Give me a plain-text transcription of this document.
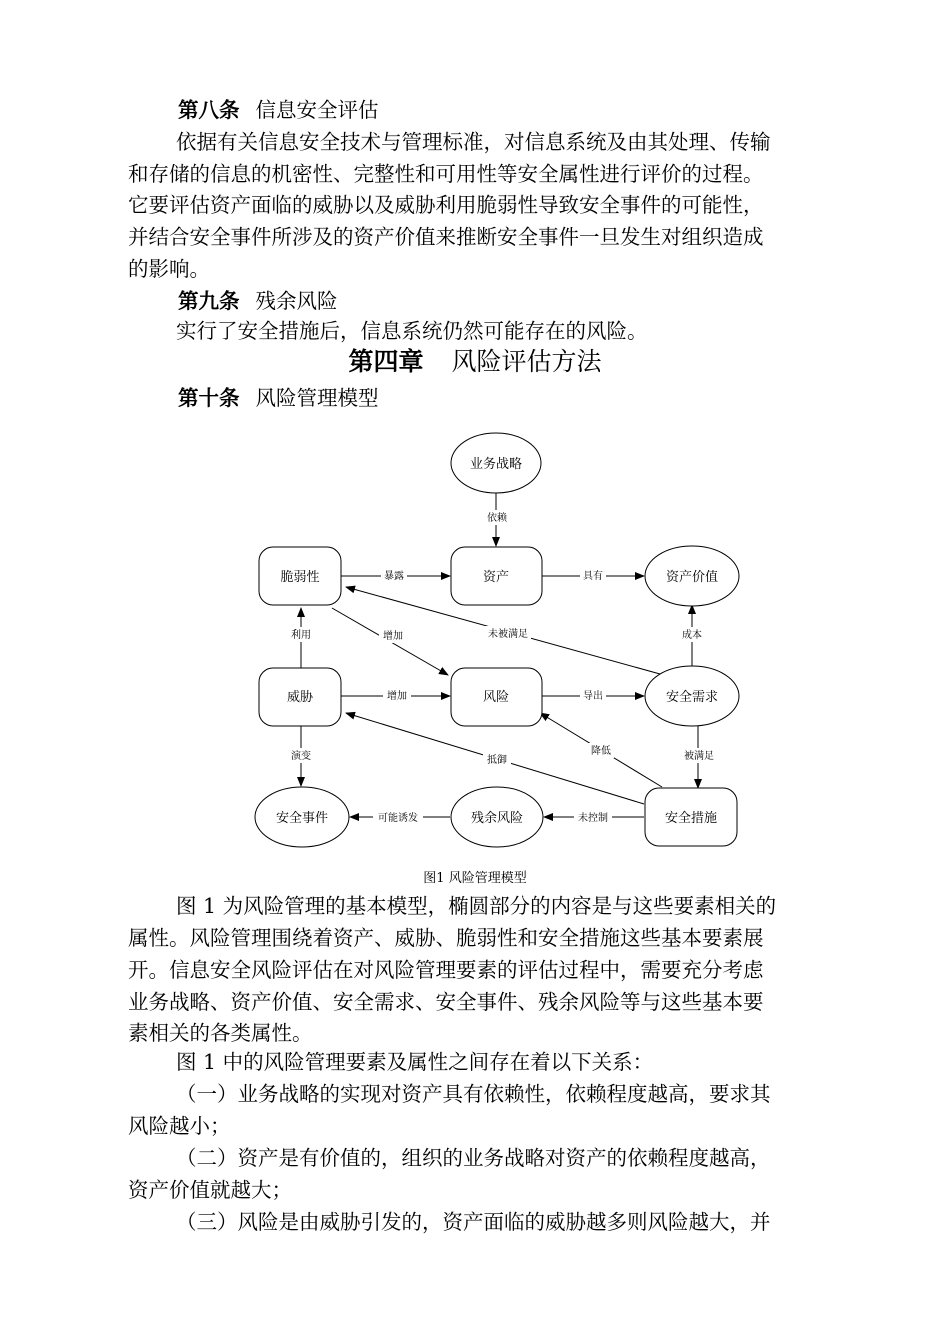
第八条 信息安全评估
依据有关信息安全技术与管理标准，对信息系统及由其处理、传输
和存储的信息的机密性、完整性和可用性等安全属性进行评价的过程。
它要评估资产面临的威胁以及威胁利用脆弱性导致安全事件的可能性，
并结合安全事件所涉及的资产价值来推断安全事件一旦发生对组织造成
的影响。
第九条 残余风险
实行了安全措施后，信息系统仍然可能存在的风险。
第四章 风险评估方法
第十条 风险管理模型
依赖
暴露	具有
利用	增加	未被满足	成本
增加	导出
演变	抵御
降低	被满足
可能诱发	未控制
业务战略
脆弱性	资产	资产价值
威胁	风险	安全需求
安全事件	残余风险	安全措施
图1 风险管理模型
图 1 为风险管理的基本模型，椭圆部分的内容是与这些要素相关的
属性。风险管理围绕着资产、威胁、脆弱性和安全措施这些基本要素展
开。信息安全风险评估在对风险管理要素的评估过程中，需要充分考虑
业务战略、资产价值、安全需求、安全事件、残余风险等与这些基本要
素相关的各类属性。
图 1 中的风险管理要素及属性之间存在着以下关系：
（一）业务战略的实现对资产具有依赖性，依赖程度越高，要求其
风险越小；
（二）资产是有价值的，组织的业务战略对资产的依赖程度越高，
资产价值就越大；
（三）风险是由威胁引发的，资产面临的威胁越多则风险越大，并
